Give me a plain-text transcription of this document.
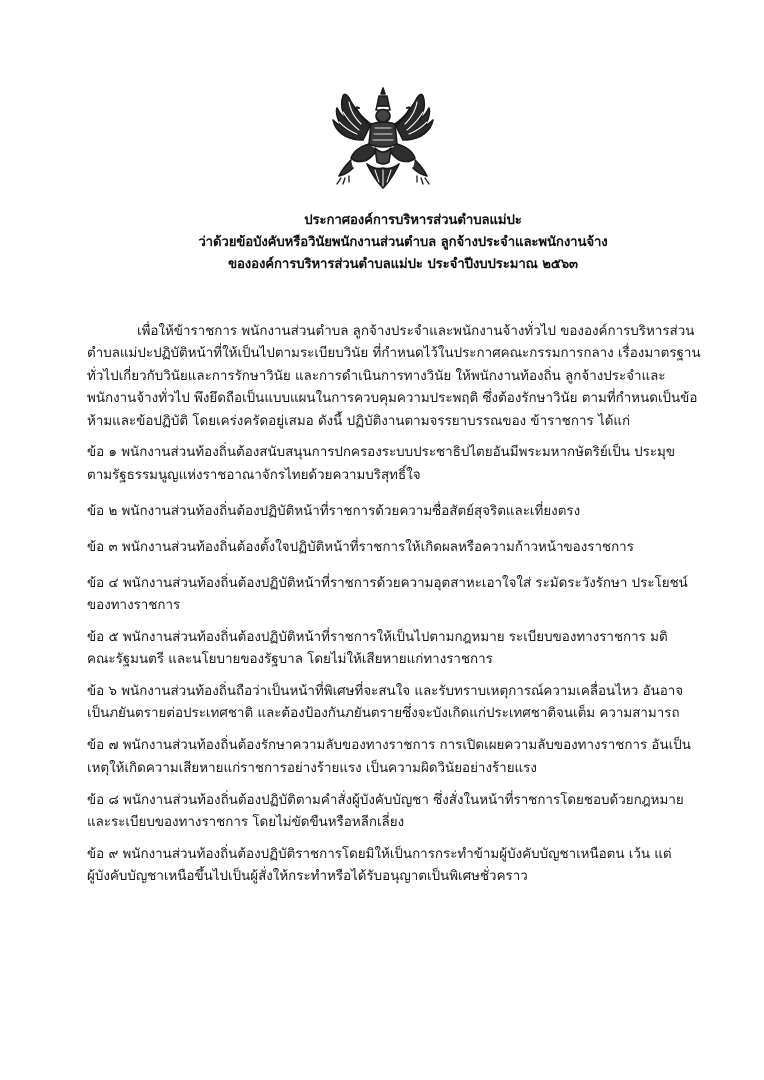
ประกาศองค์การบริหารส่วนตำบลแม่ปะ
ว่าด้วยข้อบังคับหรือวินัยพนักงานส่วนตำบล ลูกจ้างประจำและพนักงานจ้าง
ขององค์การบริหารส่วนตำบลแม่ปะ ประจำปีงบประมาณ ๒๕๖๓
เพื่อให้ข้าราชการ พนักงานส่วนตำบล ลูกจ้างประจำและพนักงานจ้างทั่วไป ขององค์การบริหารส่วน
ตำบลแม่ปะปฏิบัติหน้าที่ให้เป็นไปตามระเบียบวินัย ที่กำหนดไว้ในประกาศคณะกรรมการกลาง เรื่องมาตรฐาน
ทั่วไปเกี่ยวกับวินัยและการรักษาวินัย และการดำเนินการทางวินัย ให้พนักงานท้องถิ่น ลูกจ้างประจำและ
พนักงานจ้างทั่วไป พึงยึดถือเป็นแบบแผนในการควบคุมความประพฤติ ซึ่งต้องรักษาวินัย ตามที่กำหนดเป็นข้อ
ห้ามและข้อปฏิบัติ โดยเคร่งครัดอยู่เสมอ ดังนี้ ปฏิบัติงานตามจรรยาบรรณของ ข้าราชการ ได้แก่
ข้อ ๑ พนักงานส่วนท้องถิ่นต้องสนับสนุนการปกครองระบบประชาธิปไตยอันมีพระมหากษัตริย์เป็น ประมุข
ตามรัฐธรรมนูญแห่งราชอาณาจักรไทยด้วยความบริสุทธิ์ใจ
ข้อ ๒ พนักงานส่วนท้องถิ่นต้องปฏิบัติหน้าที่ราชการด้วยความซื่อสัตย์สุจริตและเที่ยงตรง
ข้อ ๓ พนักงานส่วนท้องถิ่นต้องตั้งใจปฏิบัติหน้าที่ราชการให้เกิดผลหรือความก้าวหน้าของราชการ
ข้อ ๔ พนักงานส่วนท้องถิ่นต้องปฏิบัติหน้าที่ราชการด้วยความอุตสาหะเอาใจใส่ ระมัดระวังรักษา ประโยชน์
ของทางราชการ
ข้อ ๕ พนักงานส่วนท้องถิ่นต้องปฏิบัติหน้าที่ราชการให้เป็นไปตามกฎหมาย ระเบียบของทางราชการ มติ
คณะรัฐมนตรี และนโยบายของรัฐบาล โดยไม่ให้เสียหายแก่ทางราชการ
ข้อ ๖ พนักงานส่วนท้องถิ่นถือว่าเป็นหน้าที่พิเศษที่จะสนใจ และรับทราบเหตุการณ์ความเคลื่อนไหว อันอาจ
เป็นภยันตรายต่อประเทศชาติ และต้องป้องกันภยันตรายซึ่งจะบังเกิดแก่ประเทศชาติจนเต็ม ความสามารถ
ข้อ ๗ พนักงานส่วนท้องถิ่นต้องรักษาความลับของทางราชการ การเปิดเผยความลับของทางราชการ อันเป็น
เหตุให้เกิดความเสียหายแก่ราชการอย่างร้ายแรง เป็นความผิดวินัยอย่างร้ายแรง
ข้อ ๘ พนักงานส่วนท้องถิ่นต้องปฏิบัติตามคำสั่งผู้บังคับบัญชา ซึ่งสั่งในหน้าที่ราชการโดยชอบด้วยกฎหมาย
และระเบียบของทางราชการ โดยไม่ขัดขืนหรือหลีกเลี่ยง
ข้อ ๙ พนักงานส่วนท้องถิ่นต้องปฏิบัติราชการโดยมิให้เป็นการกระทำข้ามผู้บังคับบัญชาเหนือตน เว้น แต่
ผู้บังคับบัญชาเหนือขึ้นไปเป็นผู้สั่งให้กระทำหรือได้รับอนุญาตเป็นพิเศษชั่วคราว
